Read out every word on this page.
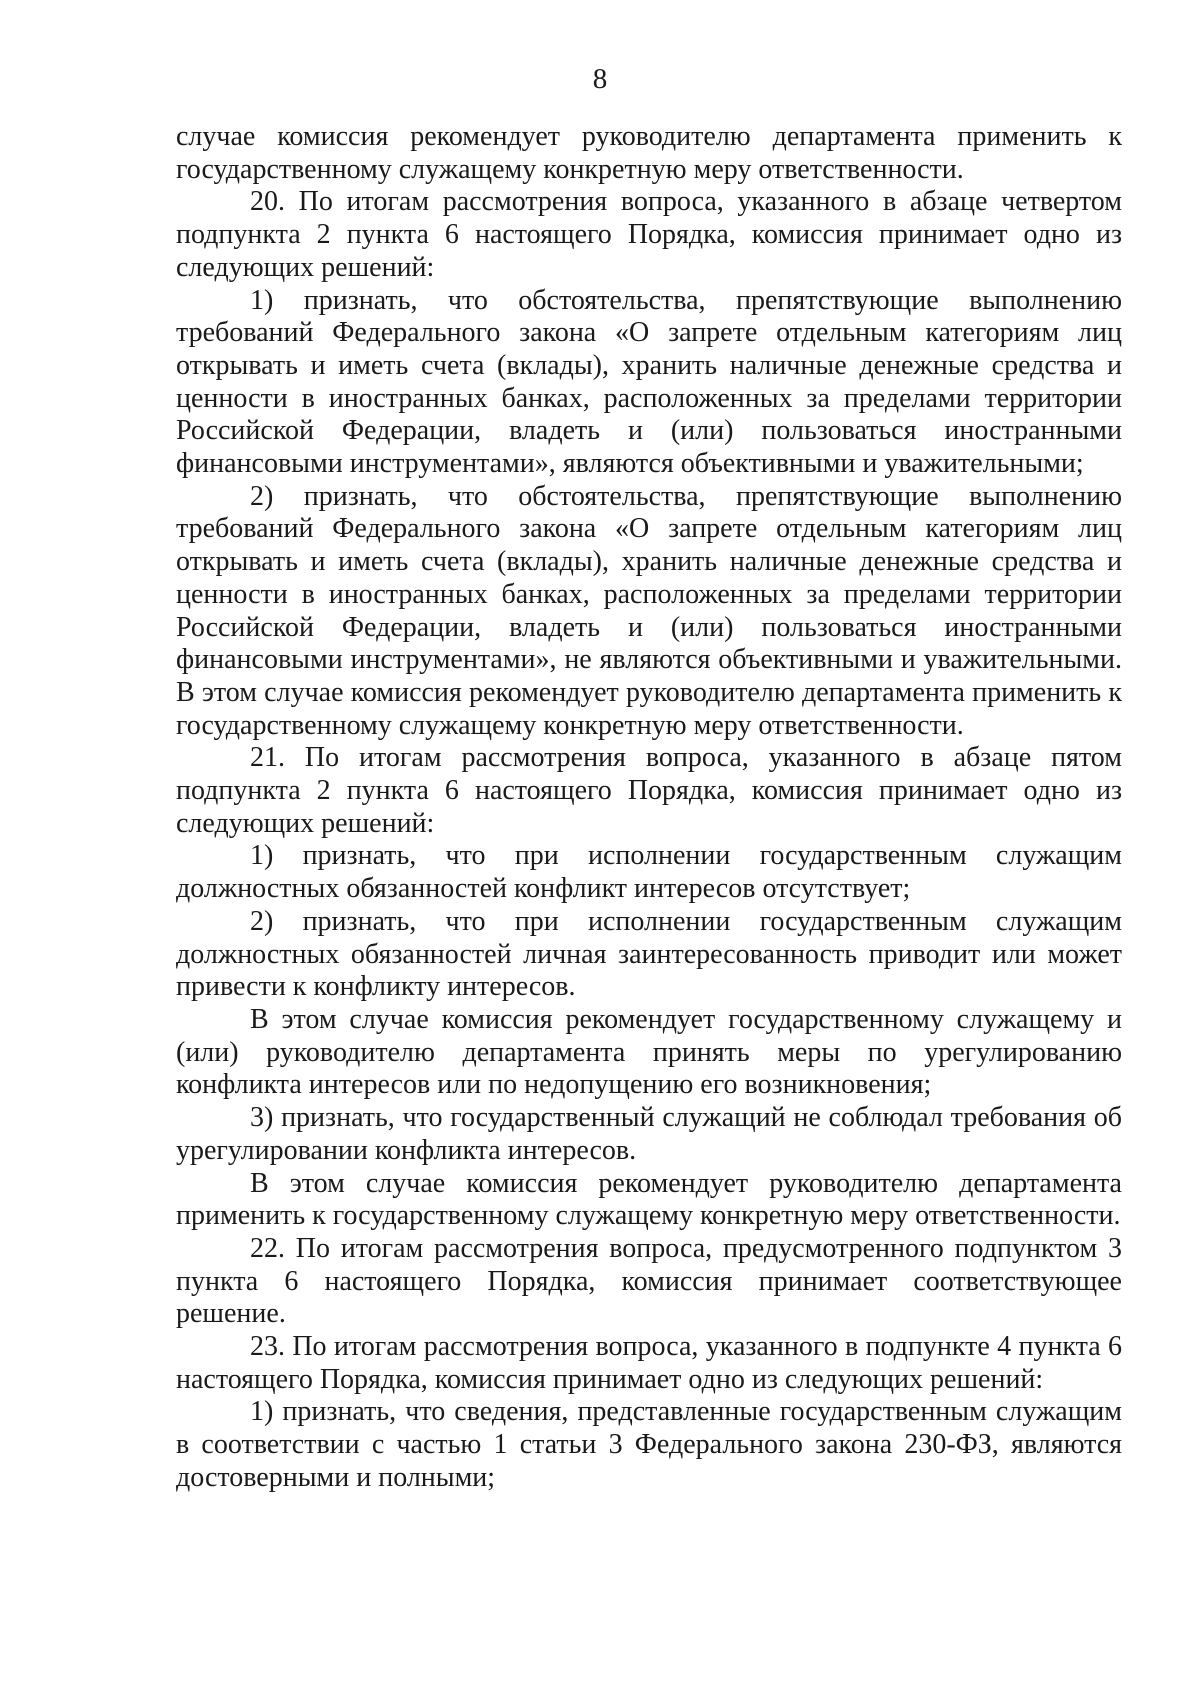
8

случае комиссия рекомендует руководителю департамента применить к государственному служащему конкретную меру ответственности.

20. По итогам рассмотрения вопроса, указанного в абзаце четвертом подпункта 2 пункта 6 настоящего Порядка, комиссия принимает одно из следующих решений:

1) признать, что обстоятельства, препятствующие выполнению требований Федерального закона «О запрете отдельным категориям лиц открывать и иметь счета (вклады), хранить наличные денежные средства и ценности в иностранных банках, расположенных за пределами территории Российской Федерации, владеть и (или) пользоваться иностранными финансовыми инструментами», являются объективными и уважительными;

2) признать, что обстоятельства, препятствующие выполнению требований Федерального закона «О запрете отдельным категориям лиц открывать и иметь счета (вклады), хранить наличные денежные средства и ценности в иностранных банках, расположенных за пределами территории Российской Федерации, владеть и (или) пользоваться иностранными финансовыми инструментами», не являются объективными и уважительными. В этом случае комиссия рекомендует руководителю департамента применить к государственному служащему конкретную меру ответственности.

21. По итогам рассмотрения вопроса, указанного в абзаце пятом подпункта 2 пункта 6 настоящего Порядка, комиссия принимает одно из следующих решений:

1) признать, что при исполнении государственным служащим должностных обязанностей конфликт интересов отсутствует;

2) признать, что при исполнении государственным служащим должностных обязанностей личная заинтересованность приводит или может привести к конфликту интересов.

В этом случае комиссия рекомендует государственному служащему и (или) руководителю департамента принять меры по урегулированию конфликта интересов или по недопущению его возникновения;

3) признать, что государственный служащий не соблюдал требования об урегулировании конфликта интересов.

В этом случае комиссия рекомендует руководителю департамента применить к государственному служащему конкретную меру ответственности.

22. По итогам рассмотрения вопроса, предусмотренного подпунктом 3 пункта 6 настоящего Порядка, комиссия принимает соответствующее решение.

23. По итогам рассмотрения вопроса, указанного в подпункте 4 пункта 6 настоящего Порядка, комиссия принимает одно из следующих решений:

1) признать, что сведения, представленные государственным служащим в соответствии с частью 1 статьи 3 Федерального закона 230-ФЗ, являются достоверными и полными;
